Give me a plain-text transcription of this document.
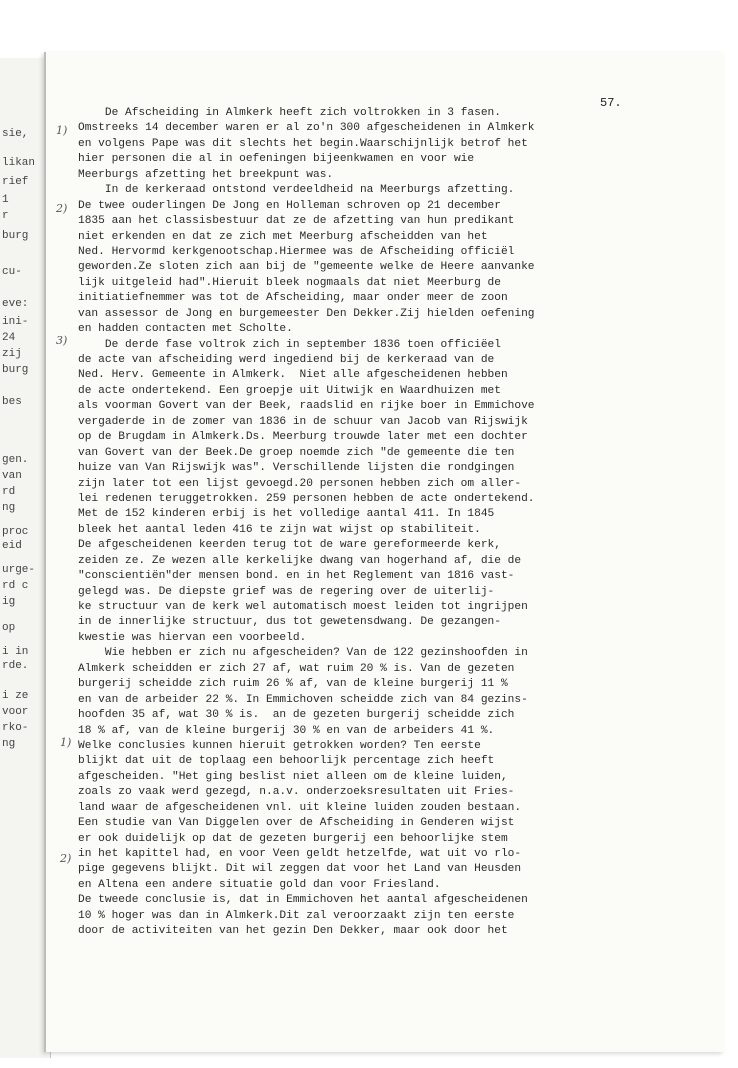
sie,
likan
rief
1
r
burg
cu-
eve:
ini-
24
zij
burg
bes
gen.
van
rd
ng
proc
eid
urge-
rd c
ig
op
i in
rde.
i ze
voor
rko-
ng
57.
De Afscheiding in Almkerk heeft zich voltrokken in 3 fasen.
Omstreeks 14 december waren er al zo'n 300 afgescheidenen in Almkerk
en volgens Pape was dit slechts het begin.Waarschijnlijk betrof het
hier personen die al in oefeningen bijeenkwamen en voor wie
Meerburgs afzetting het breekpunt was.
In de kerkeraad ontstond verdeeldheid na Meerburgs afzetting.
De twee ouderlingen De Jong en Holleman schroven op 21 december
1835 aan het classisbestuur dat ze de afzetting van hun predikant
niet erkenden en dat ze zich met Meerburg afscheidden van het
Ned. Hervormd kerkgenootschap.Hiermee was de Afscheiding officiël
geworden.Ze sloten zich aan bij de "gemeente welke de Heere aanvanke
lijk uitgeleid had".Hieruit bleek nogmaals dat niet Meerburg de
initiatiefnemmer was tot de Afscheiding, maar onder meer de zoon
van assessor de Jong en burgemeester Den Dekker.Zij hielden oefening
en hadden contacten met Scholte.
De derde fase voltrok zich in september 1836 toen officiëel
de acte van afscheiding werd ingediend bij de kerkeraad van de
Ned. Herv. Gemeente in Almkerk.  Niet alle afgescheidenen hebben
de acte ondertekend. Een groepje uit Uitwijk en Waardhuizen met
als voorman Govert van der Beek, raadslid en rijke boer in Emmichove
vergaderde in de zomer van 1836 in de schuur van Jacob van Rijswijk
op de Brugdam in Almkerk.Ds. Meerburg trouwde later met een dochter
van Govert van der Beek.De groep noemde zich "de gemeente die ten
huize van Van Rijswijk was". Verschillende lijsten die rondgingen
zijn later tot een lijst gevoegd.20 personen hebben zich om aller-
lei redenen teruggetrokken. 259 personen hebben de acte ondertekend.
Met de 152 kinderen erbij is het volledige aantal 411. In 1845
bleek het aantal leden 416 te zijn wat wijst op stabiliteit.
De afgescheidenen keerden terug tot de ware gereformeerde kerk,
zeiden ze. Ze wezen alle kerkelijke dwang van hogerhand af, die de
"conscientiën"der mensen bond. en in het Reglement van 1816 vast-
gelegd was. De diepste grief was de regering over de uiterlij-
ke structuur van de kerk wel automatisch moest leiden tot ingrijpen
in de innerlijke structuur, dus tot gewetensdwang. De gezangen-
kwestie was hiervan een voorbeeld.
Wie hebben er zich nu afgescheiden? Van de 122 gezinshoofden in
Almkerk scheidden er zich 27 af, wat ruim 20 % is. Van de gezeten
burgerij scheidde zich ruim 26 % af, van de kleine burgerij 11 %
en van de arbeider 22 %. In Emmichoven scheidde zich van 84 gezins-
hoofden 35 af, wat 30 % is.  an de gezeten burgerij scheidde zich
18 % af, van de kleine burgerij 30 % en van de arbeiders 41 %.
Welke conclusies kunnen hieruit getrokken worden? Ten eerste
blijkt dat uit de toplaag een behoorlijk percentage zich heeft
afgescheiden. "Het ging beslist niet alleen om de kleine luiden,
zoals zo vaak werd gezegd, n.a.v. onderzoeksresultaten uit Fries-
land waar de afgescheidenen vnl. uit kleine luiden zouden bestaan.
Een studie van Van Diggelen over de Afscheiding in Genderen wijst
er ook duidelijk op dat de gezeten burgerij een behoorlijke stem
in het kapittel had, en voor Veen geldt hetzelfde, wat uit vo rlo-
pige gegevens blijkt. Dit wil zeggen dat voor het Land van Heusden
en Altena een andere situatie gold dan voor Friesland.
De tweede conclusie is, dat in Emmichoven het aantal afgescheidenen
10 % hoger was dan in Almkerk.Dit zal veroorzaakt zijn ten eerste
door de activiteiten van het gezin Den Dekker, maar ook door het
1)
2)
3)
1)
2)
